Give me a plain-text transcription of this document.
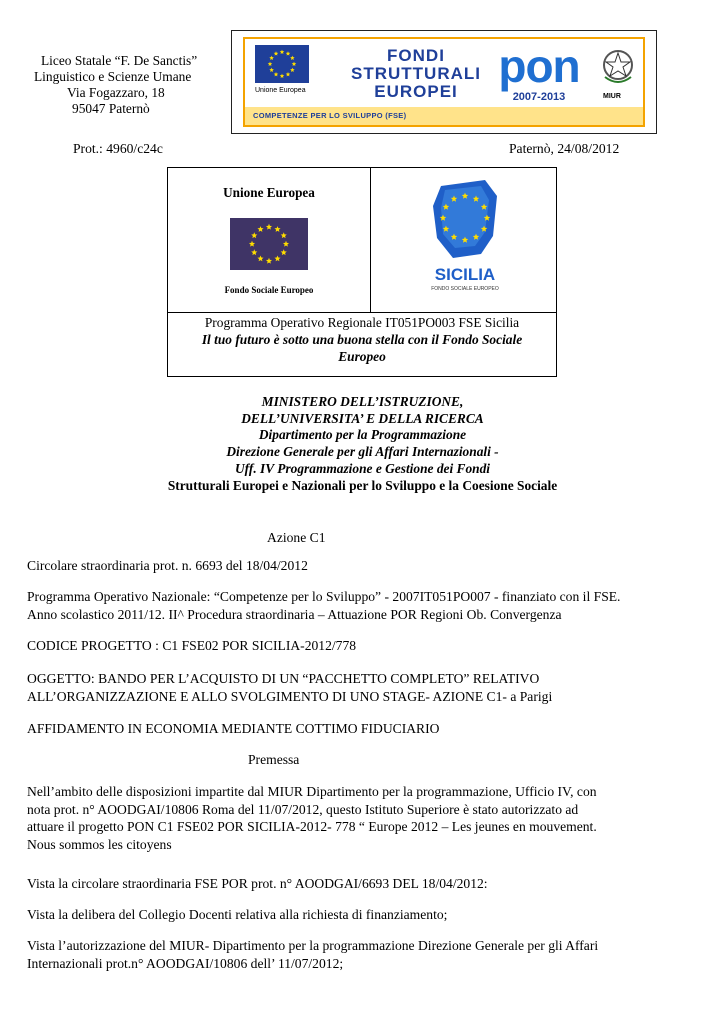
Liceo Statale “F. De Sanctis”
Linguistico e Scienze Umane
Via Fogazzaro, 18
95047 Paternò
Unione Europea
FONDI
STRUTTURALI
EUROPEI pon
2007-2013	MIUR
COMPETENZE PER LO SVILUPPO (FSE)
Prot.: 4960/c24c	Paternò, 24/08/2012
Unione Europea
Fondo Sociale Europeo
SICILIA
FONDO SOCIALE EUROPEO
Programma Operativo Regionale IT051PO003 FSE Sicilia
Il tuo futuro è sotto una buona stella con il Fondo Sociale
Europeo
MINISTERO DELL’ISTRUZIONE,
DELL’UNIVERSITA’ E DELLA RICERCA
Dipartimento per la Programmazione
Direzione Generale per gli Affari Internazionali -
Uff. IV Programmazione e Gestione dei Fondi
Strutturali Europei e Nazionali per lo Sviluppo e la Coesione Sociale
Azione C1
Circolare straordinaria prot. n. 6693 del 18/04/2012
Programma Operativo Nazionale: “Competenze per lo Sviluppo” - 2007IT051PO007 - finanziato con il FSE.
Anno scolastico 2011/12. II^ Procedura straordinaria – Attuazione POR Regioni Ob. Convergenza
CODICE PROGETTO : C1 FSE02 POR SICILIA-2012/778
OGGETTO: BANDO PER L’ACQUISTO DI UN “PACCHETTO COMPLETO” RELATIVO
ALL’ORGANIZZAZIONE E ALLO SVOLGIMENTO DI UNO STAGE- AZIONE C1- a Parigi
AFFIDAMENTO IN ECONOMIA MEDIANTE COTTIMO FIDUCIARIO
Premessa
Nell’ambito delle disposizioni impartite dal MIUR Dipartimento per la programmazione, Ufficio IV, con
nota prot. n° AOODGAI/10806 Roma del 11/07/2012, questo Istituto Superiore è stato autorizzato ad
attuare il progetto PON C1 FSE02 POR SICILIA-2012- 778 “ Europe 2012 – Les jeunes en mouvement.
Nous sommos les citoyens
Vista la circolare straordinaria FSE POR prot. n° AOODGAI/6693 DEL 18/04/2012:
Vista la delibera del Collegio Docenti relativa alla richiesta di finanziamento;
Vista l’autorizzazione del MIUR- Dipartimento per la programmazione Direzione Generale per gli Affari
Internazionali prot.n° AOODGAI/10806 dell’ 11/07/2012;
